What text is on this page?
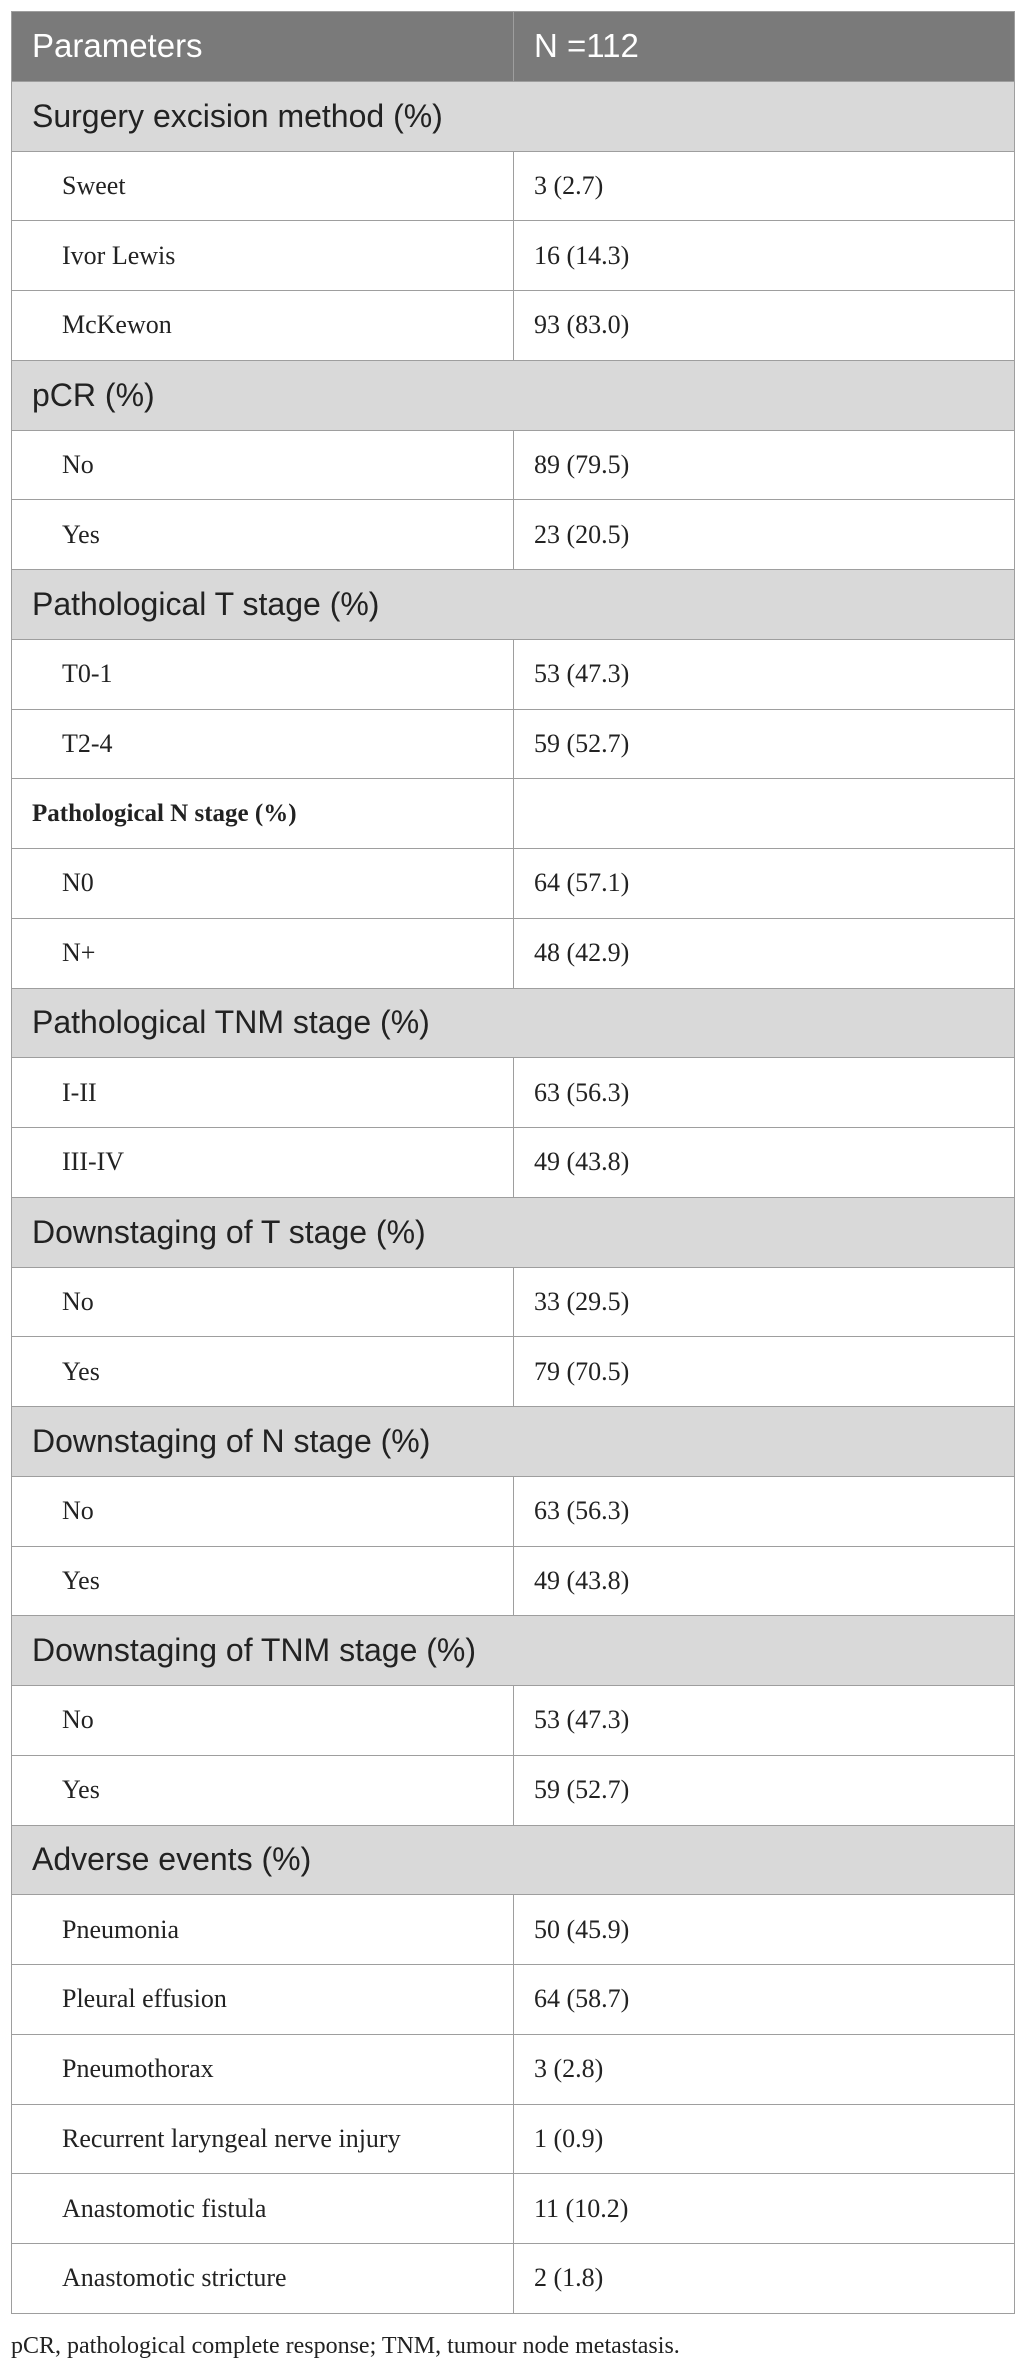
Parameters	N =112
Surgery excision method (%)	
Sweet	3 (2.7)
Ivor Lewis	16 (14.3)
McKewon	93 (83.0)
pCR (%)	
No	89 (79.5)
Yes	23 (20.5)
Pathological T stage (%)	
T0-1	53 (47.3)
T2-4	59 (52.7)
Pathological N stage (%)	
N0	64 (57.1)
N+	48 (42.9)
Pathological TNM stage (%)	
I-II	63 (56.3)
III-IV	49 (43.8)
Downstaging of T stage (%)	
No	33 (29.5)
Yes	79 (70.5)
Downstaging of N stage (%)	
No	63 (56.3)
Yes	49 (43.8)
Downstaging of TNM stage (%)	
No	53 (47.3)
Yes	59 (52.7)
Adverse events (%)	
Pneumonia	50 (45.9)
Pleural effusion	64 (58.7)
Pneumothorax	3 (2.8)
Recurrent laryngeal nerve injury	1 (0.9)
Anastomotic fistula	11 (10.2)
Anastomotic stricture	2 (1.8)
pCR, pathological complete response; TNM, tumour node metastasis.
